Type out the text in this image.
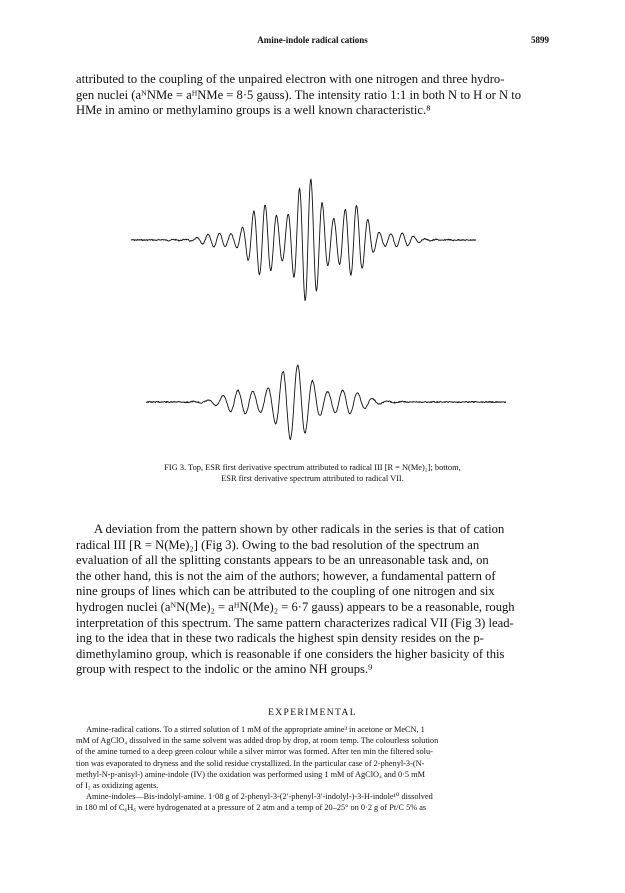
Amine-indole radical cations	5899
attributed to the coupling of the unpaired electron with one nitrogen and three hydro-
gen nuclei (aᴺNMe = aᴴNMe = 8·5 gauss). The intensity ratio 1:1 in both N to H or N to
HMe in amino or methylamino groups is a well known characteristic.⁸
FIG 3. Top, ESR first derivative spectrum attributed to radical III [R = N(Me)₂]; bottom,
ESR first derivative spectrum attributed to radical VII.
A deviation from the pattern shown by other radicals in the series is that of cation
radical III [R = N(Me)₂] (Fig 3). Owing to the bad resolution of the spectrum an
evaluation of all the splitting constants appears to be an unreasonable task and, on
the other hand, this is not the aim of the authors; however, a fundamental pattern of
nine groups of lines which can be attributed to the coupling of one nitrogen and six
hydrogen nuclei (aᴺN(Me)₂ = aᴴN(Me)₂ = 6·7 gauss) appears to be a reasonable, rough
interpretation of this spectrum. The same pattern characterizes radical VII (Fig 3) lead-
ing to the idea that in these two radicals the highest spin density resides on the p-
dimethylamino group, which is reasonable if one considers the higher basicity of this
group with respect to the indolic or the amino NH groups.⁹
EXPERIMENTAL
Amine-radical cations. To a stirred solution of 1 mM of the appropriate amine³ in acetone or MeCN, 1
mM of AgClO₄ dissolved in the same solvent was added drop by drop, at room temp. The colourless solution
of the amine turned to a deep green colour while a silver mirror was formed. After ten min the filtered solu-
tion was evaporated to dryness and the solid residue crystallized. In the particular case of 2-phenyl-3-(N-
methyl-N-p-anisyl-) amine-indole (IV) the oxidation was performed using 1 mM of AgClO₄ and 0·5 mM
of I₂ as oxidizing agents.
Amine-indoles—Bis-indolyl-amine. 1·08 g of 2-phenyl-3-(2′-phenyl-3′-indolyl-)-3-H-indole¹⁰ dissolved
in 180 ml of C₆H₆ were hydrogenated at a pressure of 2 atm and a temp of 20–25° on 0·2 g of Pt/C 5% as
